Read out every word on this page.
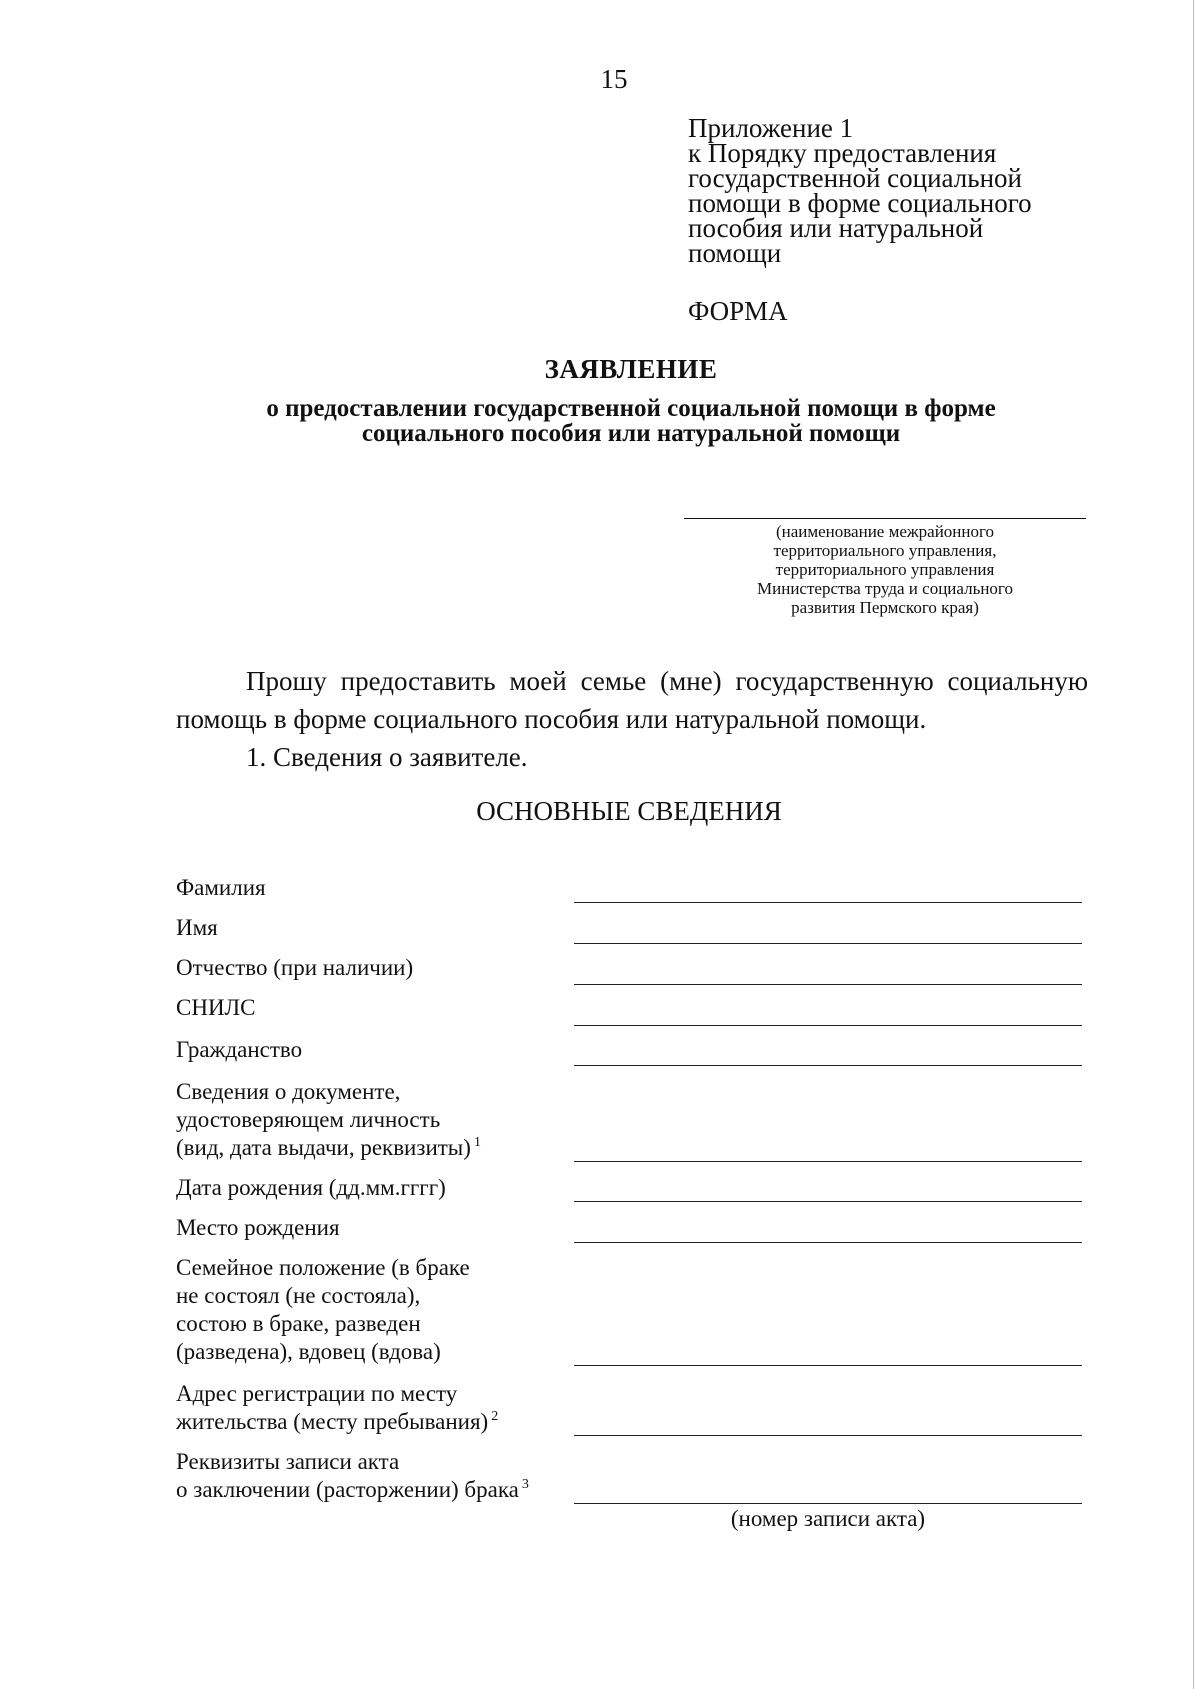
15
Приложение 1
к Порядку предоставления
государственной социальной
помощи в форме социального
пособия или натуральной
помощи
ФОРМА
ЗАЯВЛЕНИЕ
о предоставлении государственной социальной помощи в форме
социального пособия или натуральной помощи
(наименование межрайонного
территориального управления,
территориального управления
Министерства труда и социального
развития Пермского края)

Прошу предоставить моей семье (мне) государственную социальную помощь в форме социального пособия или натуральной помощи.

1. Сведения о заявителе.

ОСНОВНЫЕ СВЕДЕНИЯ
Фамилия
Имя
Отчество (при наличии)
СНИЛС
Гражданство
Сведения о документе,
удостоверяющем личность
(вид, дата выдачи, реквизиты) $^1$
Дата рождения (дд.мм.гггг)
Место рождения
Семейное положение (в браке
не состоял (не состояла),
состою в браке, разведен
(разведена), вдовец (вдова)
Адрес регистрации по месту
жительства (месту пребывания) $^2$
Реквизиты записи акта
о заключении (расторжении) брака $^3$
(номер записи акта)
